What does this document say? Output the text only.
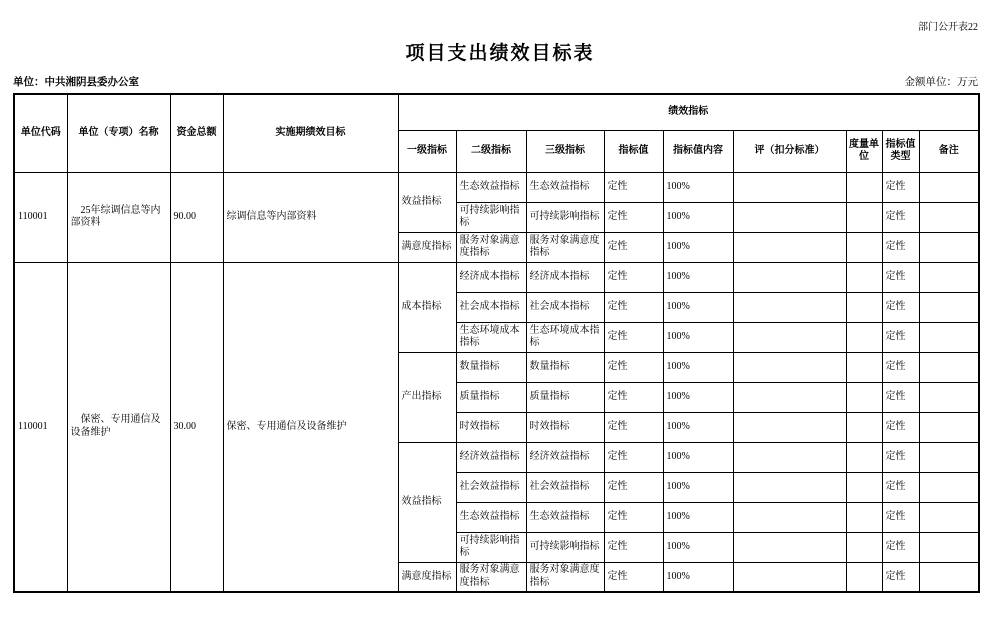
部门公开表22
项目支出绩效目标表
单位：中共湘阴县委办公室	金额单位：万元
单位代码	单位（专项）名称	资金总额	实施期绩效目标	绩效指标								
				一级指标	二级指标	三级指标	指标值	指标值内容	评（扣分标准）	度量单位	指标值类型	备注
110001	25年综调信息等内部资料	90.00	综调信息等内部资料	效益指标	生态效益指标	生态效益指标	定性	100%			定性	
					可持续影响指标	可持续影响指标	定性	100%			定性	
				满意度指标	服务对象满意度指标	服务对象满意度指标	定性	100%			定性	
110001	保密、专用通信及设备维护	30.00	保密、专用通信及设备维护	成本指标	经济成本指标	经济成本指标	定性	100%			定性	
					社会成本指标	社会成本指标	定性	100%			定性	
					生态环境成本指标	生态环境成本指标	定性	100%			定性	
				产出指标	数量指标	数量指标	定性	100%			定性	
					质量指标	质量指标	定性	100%			定性	
					时效指标	时效指标	定性	100%			定性	
				效益指标	经济效益指标	经济效益指标	定性	100%			定性	
					社会效益指标	社会效益指标	定性	100%			定性	
					生态效益指标	生态效益指标	定性	100%			定性	
					可持续影响指标	可持续影响指标	定性	100%			定性	
				满意度指标	服务对象满意度指标	服务对象满意度指标	定性	100%			定性	
